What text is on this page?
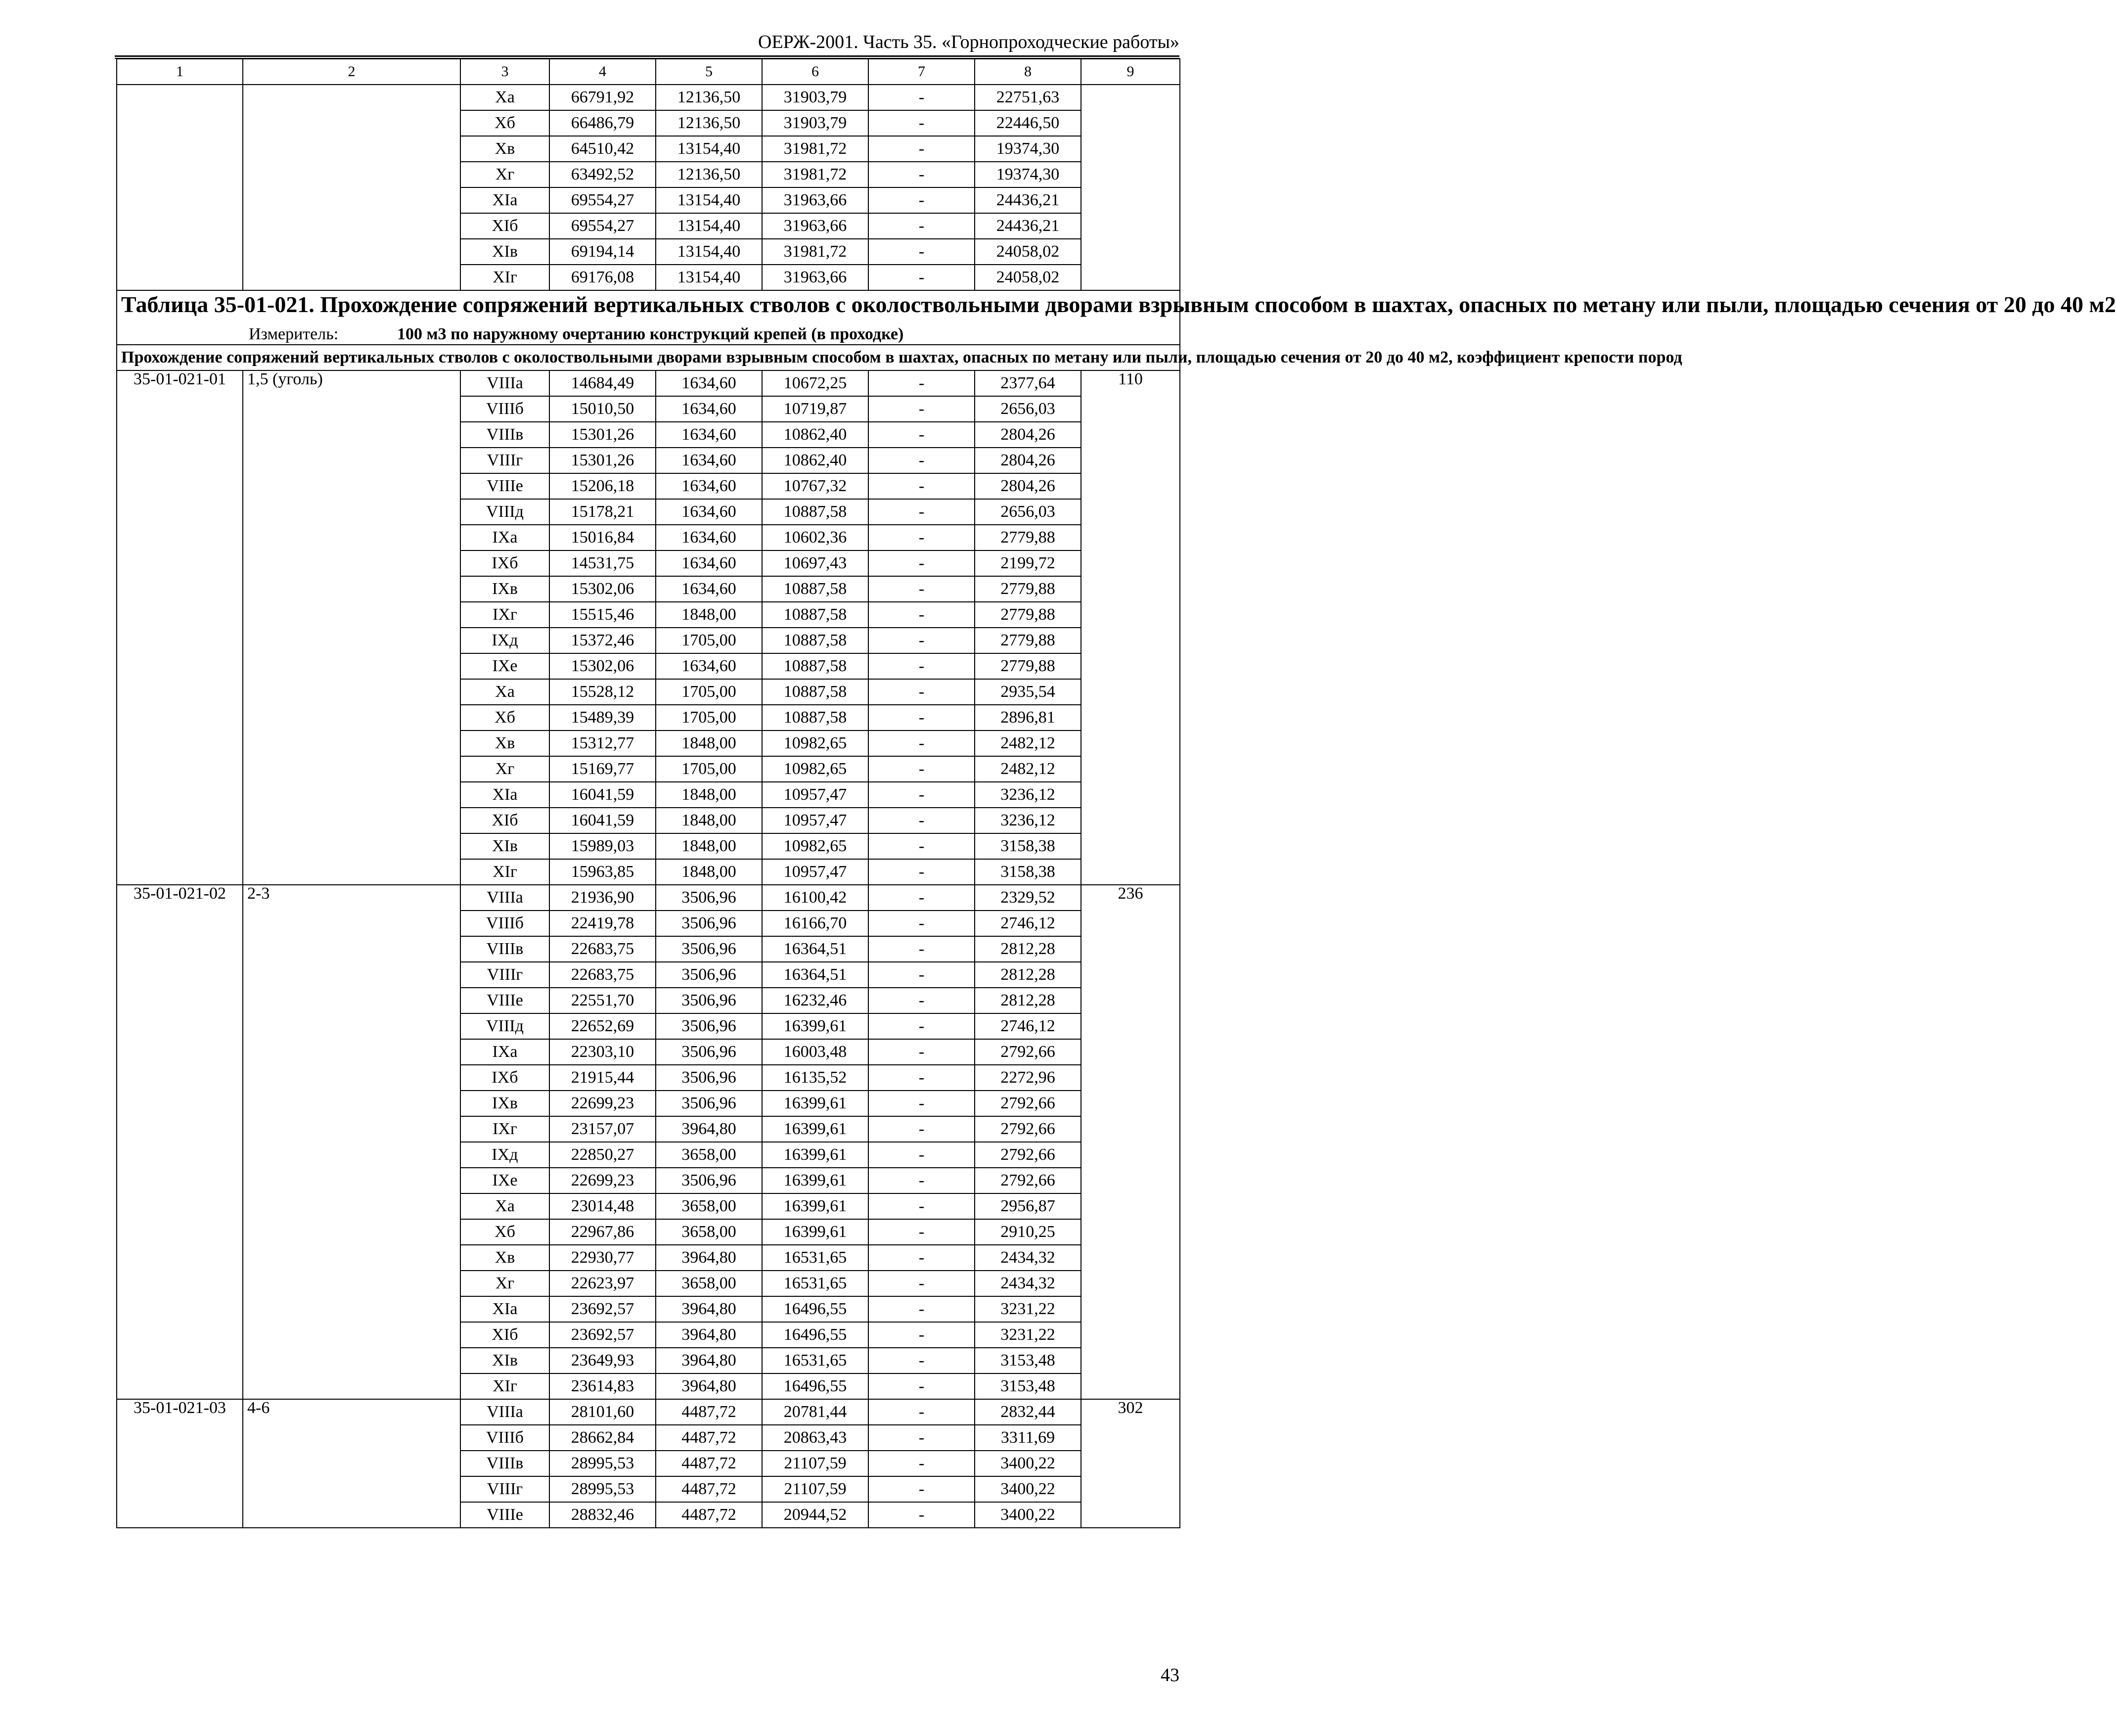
ОЕРЖ-2001. Часть 35. «Горнопроходческие работы»
1	2	3	4	5	6	7	8	9
		Xa	66791,92	12136,50	31903,79	-	22751,63	
		Xб	66486,79	12136,50	31903,79	-	22446,50	
		Xв	64510,42	13154,40	31981,72	-	19374,30	
		Xг	63492,52	12136,50	31981,72	-	19374,30	
		XIa	69554,27	13154,40	31963,66	-	24436,21	
		XIб	69554,27	13154,40	31963,66	-	24436,21	
		XIв	69194,14	13154,40	31981,72	-	24058,02	
		XIг	69176,08	13154,40	31963,66	-	24058,02	

Таблица 35-01-021. Прохождение сопряжений вертикальных стволов с околоствольными дворами взрывным способом в шахтах, опасных по метану или пыли, площадью сечения от 20 до 40 м2
Измеритель: 100 м3 по наружному очертанию конструкций крепей (в проходке)								

Прохождение сопряжений вертикальных стволов с околоствольными дворами взрывным способом в шахтах, опасных по метану или пыли, площадью сечения от 20 до 40 м2, коэффициент крепости пород								

35-01-021-01	1,5 (уголь)	VIIIa	14684,49	1634,60	10672,25	-	2377,64	110
		VIIIб	15010,50	1634,60	10719,87	-	2656,03	
		VIIIв	15301,26	1634,60	10862,40	-	2804,26	
		VIIIг	15301,26	1634,60	10862,40	-	2804,26	
		VIIIе	15206,18	1634,60	10767,32	-	2804,26	
		VIIIд	15178,21	1634,60	10887,58	-	2656,03	
		IXa	15016,84	1634,60	10602,36	-	2779,88	
		IXб	14531,75	1634,60	10697,43	-	2199,72	
		IXв	15302,06	1634,60	10887,58	-	2779,88	
		IXг	15515,46	1848,00	10887,58	-	2779,88	
		IXд	15372,46	1705,00	10887,58	-	2779,88	
		IXе	15302,06	1634,60	10887,58	-	2779,88	
		Xa	15528,12	1705,00	10887,58	-	2935,54	
		Xб	15489,39	1705,00	10887,58	-	2896,81	
		Xв	15312,77	1848,00	10982,65	-	2482,12	
		Xг	15169,77	1705,00	10982,65	-	2482,12	
		XIa	16041,59	1848,00	10957,47	-	3236,12	
		XIб	16041,59	1848,00	10957,47	-	3236,12	
		XIв	15989,03	1848,00	10982,65	-	3158,38	
		XIг	15963,85	1848,00	10957,47	-	3158,38	
35-01-021-02	2-3	VIIIa	21936,90	3506,96	16100,42	-	2329,52	236
		VIIIб	22419,78	3506,96	16166,70	-	2746,12	
		VIIIв	22683,75	3506,96	16364,51	-	2812,28	
		VIIIг	22683,75	3506,96	16364,51	-	2812,28	
		VIIIе	22551,70	3506,96	16232,46	-	2812,28	
		VIIIд	22652,69	3506,96	16399,61	-	2746,12	
		IXa	22303,10	3506,96	16003,48	-	2792,66	
		IXб	21915,44	3506,96	16135,52	-	2272,96	
		IXв	22699,23	3506,96	16399,61	-	2792,66	
		IXг	23157,07	3964,80	16399,61	-	2792,66	
		IXд	22850,27	3658,00	16399,61	-	2792,66	
		IXе	22699,23	3506,96	16399,61	-	2792,66	
		Xa	23014,48	3658,00	16399,61	-	2956,87	
		Xб	22967,86	3658,00	16399,61	-	2910,25	
		Xв	22930,77	3964,80	16531,65	-	2434,32	
		Xг	22623,97	3658,00	16531,65	-	2434,32	
		XIa	23692,57	3964,80	16496,55	-	3231,22	
		XIб	23692,57	3964,80	16496,55	-	3231,22	
		XIв	23649,93	3964,80	16531,65	-	3153,48	
		XIг	23614,83	3964,80	16496,55	-	3153,48	
35-01-021-03	4-6	VIIIa	28101,60	4487,72	20781,44	-	2832,44	302
		VIIIб	28662,84	4487,72	20863,43	-	3311,69	
		VIIIв	28995,53	4487,72	21107,59	-	3400,22	
		VIIIг	28995,53	4487,72	21107,59	-	3400,22	
		VIIIе	28832,46	4487,72	20944,52	-	3400,22	
43
